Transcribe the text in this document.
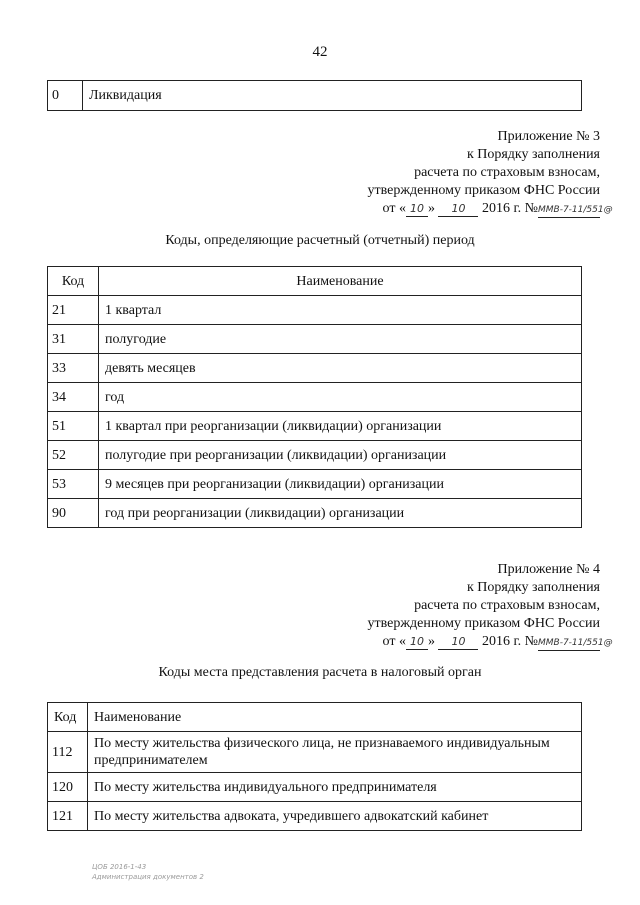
42
0	Ликвидация
Приложение № 3
к Порядку заполнения
расчета по страховым взносам,
утвержденному приказом ФНС России
от « 10 » 10 2016 г. №ММВ-7-11/551@
Коды, определяющие расчетный (отчетный) период
Код	Наименование
21	1 квартал
31	полугодие
33	девять месяцев
34	год
51	1 квартал при реорганизации (ликвидации) организации
52	полугодие при реорганизации (ликвидации) организации
53	9 месяцев при реорганизации (ликвидации) организации
90	год при реорганизации (ликвидации) организации
Приложение № 4
к Порядку заполнения
расчета по страховым взносам,
утвержденному приказом ФНС России
от « 10 » 10 2016 г. №ММВ-7-11/551@
Коды места представления расчета в налоговый орган
Код	Наименование
112	По месту жительства физического лица, не признаваемого индивидуальным предпринимателем
120	По месту жительства индивидуального предпринимателя
121	По месту жительства адвоката, учредившего адвокатский кабинет
ЦОБ 2016-1-43
Администрация документов 2
